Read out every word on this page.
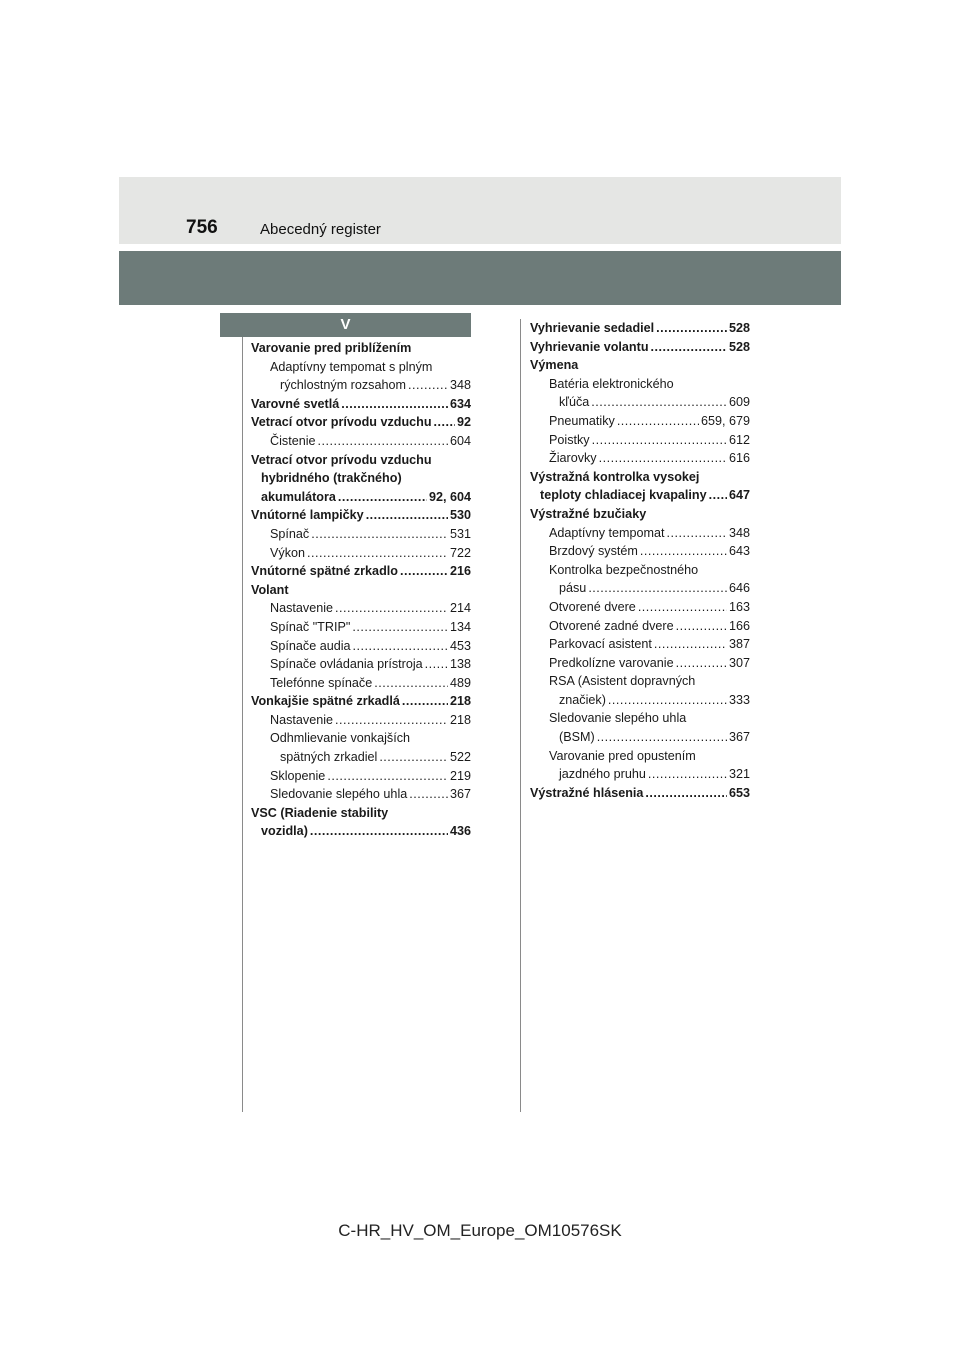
756	Abecedný register
V
Varovanie pred priblížením
Adaptívny tempomat s plným
rýchlostným rozsahom .....	348
Varovné svetlá .....	634
Vetrací otvor prívodu vzduchu ..... 92
Čistenie .....	604
Vetrací otvor prívodu vzduchu
hybridného (trakčného)
akumulátora .....	92, 604
Vnútorné lampičky .....	530
Spínač .....	531
Výkon .....	722
Vnútorné spätné zrkadlo .....	216
Volant
Nastavenie .....	214
Spínač "TRIP" .....	134
Spínače audia .....	453
Spínače ovládania prístroja ..... 138
Telefónne spínače .....	489
Vonkajšie spätné zrkadlá .....	218
Nastavenie .....	218
Odhmlievanie vonkajších
spätných zrkadiel .....	522
Sklopenie .....	219
Sledovanie slepého uhla .....	367
VSC (Riadenie stability
vozidla) .....	436
Vyhrievanie sedadiel .....	528
Vyhrievanie volantu .....	528
Výmena
Batéria elektronického
kľúča .....	609
Pneumatiky .....	659, 679
Poistky .....	612
Žiarovky .....	616
Výstražná kontrolka vysokej
teploty chladiacej kvapaliny ..... 647
Výstražné bzučiaky
Adaptívny tempomat .....	348
Brzdový systém .....	643
Kontrolka bezpečnostného
pásu .....	646
Otvorené dvere .....	163
Otvorené zadné dvere .....	166
Parkovací asistent .....	387
Predkolízne varovanie .....	307
RSA (Asistent dopravných
značiek) .....	333
Sledovanie slepého uhla
(BSM) .....	367
Varovanie pred opustením
jazdného pruhu .....	321
Výstražné hlásenia .....	653
C-HR_HV_OM_Europe_OM10576SK
